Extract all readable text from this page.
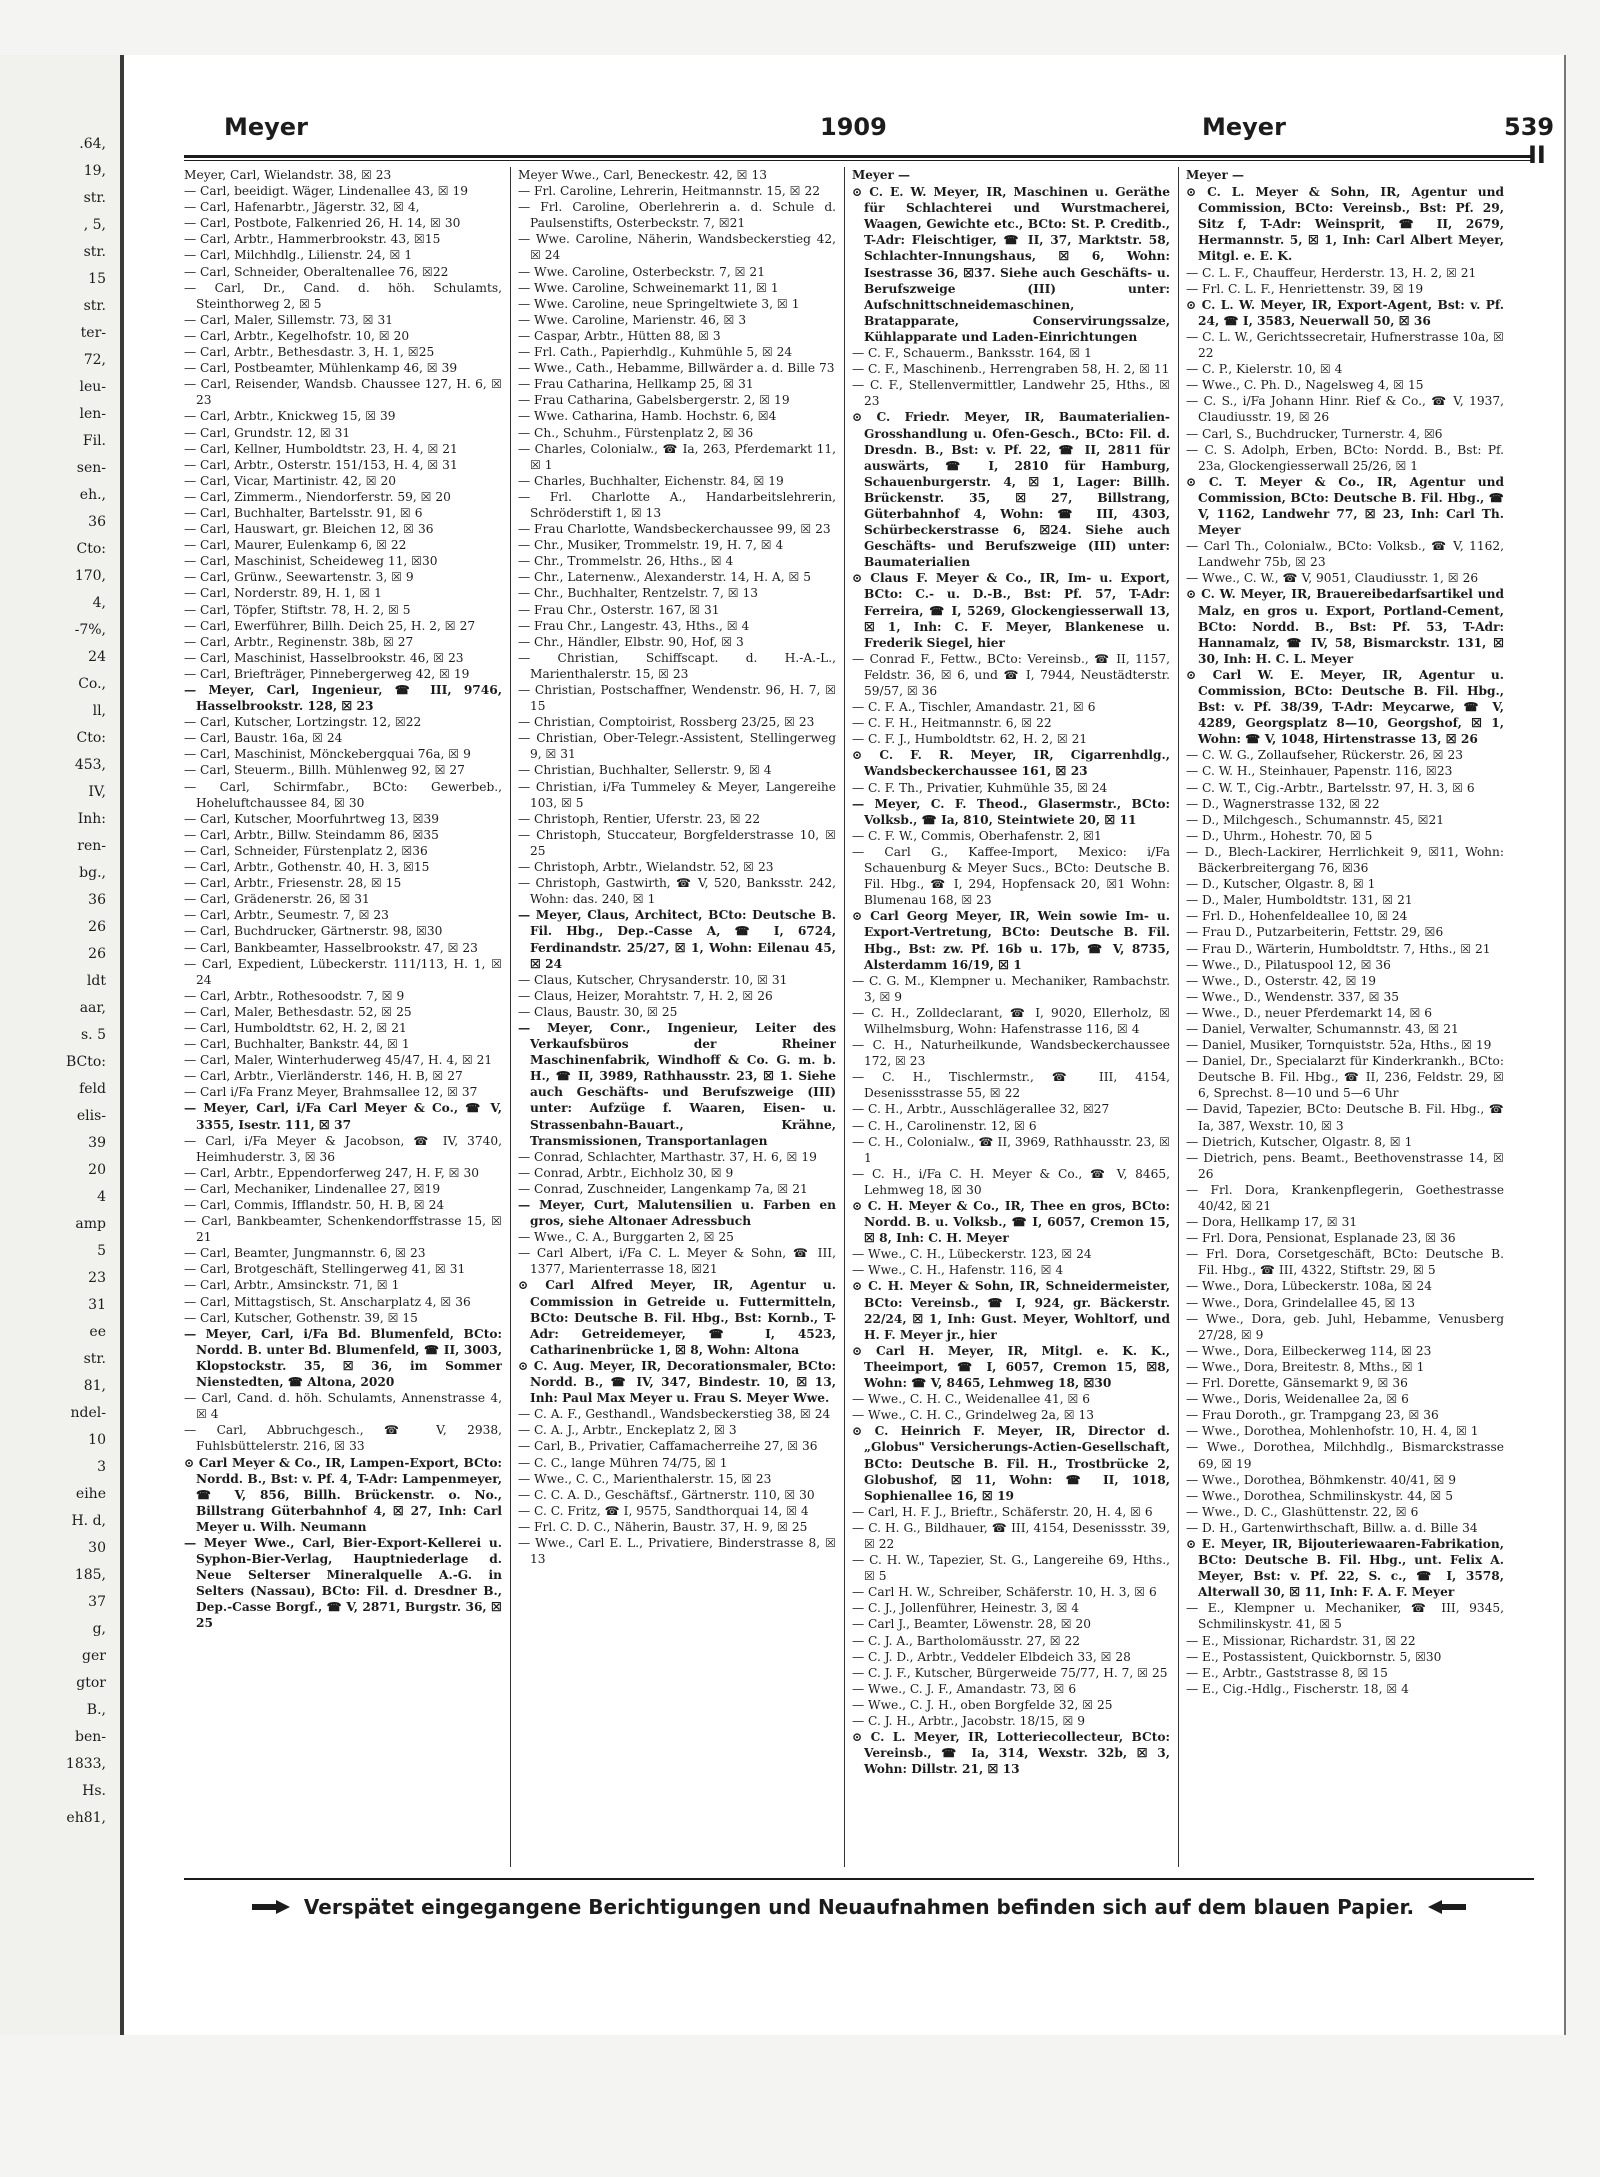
.64,
19,
str.
, 5,
str.
15
str.
ter-
72,
leu-
len-
Fil.
sen-
eh.,
36
Cto:
170,
4,
-7%,
24
Co.,
ll,
Cto:
453,
IV,
Inh:
ren-
bg.,
36
26
26
ldt
aar,
s. 5
BCto:
feld
elis-
39
20
4
amp
5
23
31
ee
str.
81,
ndel-
10
3
eihe
H. d,
30
185,
37
g,
ger
gtor
B.,
ben-
1833,
Hs.
eh81,
Meyer	1909	Meyer	539—II

Meyer, Carl, Wielandstr. 38, ☒ 23

— Carl, beeidigt. Wäger, Lindenallee 43, ☒ 19

— Carl, Hafenarbtr., Jägerstr. 32, ☒ 4,

— Carl, Postbote, Falkenried 26, H. 14, ☒ 30

— Carl, Arbtr., Hammerbrookstr. 43, ☒15

— Carl, Milchhdlg., Lilienstr. 24, ☒ 1

— Carl, Schneider, Oberaltenallee 76, ☒22

— Carl, Dr., Cand. d. höh. Schulamts, Steinthorweg 2, ☒ 5

— Carl, Maler, Sillemstr. 73, ☒ 31

— Carl, Arbtr., Kegelhofstr. 10, ☒ 20

— Carl, Arbtr., Bethesdastr. 3, H. 1, ☒25

— Carl, Postbeamter, Mühlenkamp 46, ☒ 39

— Carl, Reisender, Wandsb. Chaussee 127, H. 6, ☒ 23

— Carl, Arbtr., Knickweg 15, ☒ 39

— Carl, Grundstr. 12, ☒ 31

— Carl, Kellner, Humboldtstr. 23, H. 4, ☒ 21

— Carl, Arbtr., Osterstr. 151/153, H. 4, ☒ 31

— Carl, Vicar, Martinistr. 42, ☒ 20

— Carl, Zimmerm., Niendorferstr. 59, ☒ 20

— Carl, Buchhalter, Bartelsstr. 91, ☒ 6

— Carl, Hauswart, gr. Bleichen 12, ☒ 36

— Carl, Maurer, Eulenkamp 6, ☒ 22

— Carl, Maschinist, Scheideweg 11, ☒30

— Carl, Grünw., Seewartenstr. 3, ☒ 9

— Carl, Norderstr. 89, H. 1, ☒ 1

— Carl, Töpfer, Stiftstr. 78, H. 2, ☒ 5

— Carl, Ewerführer, Billh. Deich 25, H. 2, ☒ 27

— Carl, Arbtr., Reginenstr. 38b, ☒ 27

— Carl, Maschinist, Hasselbrookstr. 46, ☒ 23

— Carl, Briefträger, Pinnebergerweg 42, ☒ 19

— Meyer, Carl, Ingenieur, ☎ III, 9746, Hasselbrookstr. 128, ☒ 23

— Carl, Kutscher, Lortzingstr. 12, ☒22

— Carl, Baustr. 16a, ☒ 24

— Carl, Maschinist, Mönckebergquai 76a, ☒ 9

— Carl, Steuerm., Billh. Mühlenweg 92, ☒ 27

— Carl, Schirmfabr., BCto: Gewerbeb., Hoheluftchaussee 84, ☒ 30

— Carl, Kutscher, Moorfuhrtweg 13, ☒39

— Carl, Arbtr., Billw. Steindamm 86, ☒35

— Carl, Schneider, Fürstenplatz 2, ☒36

— Carl, Arbtr., Gothenstr. 40, H. 3, ☒15

— Carl, Arbtr., Friesenstr. 28, ☒ 15

— Carl, Grädenerstr. 26, ☒ 31

— Carl, Arbtr., Seumestr. 7, ☒ 23

— Carl, Buchdrucker, Gärtnerstr. 98, ☒30

— Carl, Bankbeamter, Hasselbrookstr. 47, ☒ 23

— Carl, Expedient, Lübeckerstr. 111/113, H. 1, ☒ 24

— Carl, Arbtr., Rothesoodstr. 7, ☒ 9

— Carl, Maler, Bethesdastr. 52, ☒ 25

— Carl, Humboldtstr. 62, H. 2, ☒ 21

— Carl, Buchhalter, Bankstr. 44, ☒ 1

— Carl, Maler, Winterhuderweg 45/47, H. 4, ☒ 21

— Carl, Arbtr., Vierländerstr. 146, H. B, ☒ 27

— Carl i/Fa Franz Meyer, Brahmsallee 12, ☒ 37

— Meyer, Carl, i/Fa Carl Meyer & Co., ☎ V, 3355, Isestr. 111, ☒ 37

— Carl, i/Fa Meyer & Jacobson, ☎ IV, 3740, Heimhuderstr. 3, ☒ 36

— Carl, Arbtr., Eppendorferweg 247, H. F, ☒ 30

— Carl, Mechaniker, Lindenallee 27, ☒19

— Carl, Commis, Ifflandstr. 50, H. B, ☒ 24

— Carl, Bankbeamter, Schenkendorffstrasse 15, ☒ 21

— Carl, Beamter, Jungmannstr. 6, ☒ 23

— Carl, Brotgeschäft, Stellingerweg 41, ☒ 31

— Carl, Arbtr., Amsinckstr. 71, ☒ 1

— Carl, Mittagstisch, St. Anscharplatz 4, ☒ 36

— Carl, Kutscher, Gothenstr. 39, ☒ 15

— Meyer, Carl, i/Fa Bd. Blumenfeld, BCto: Nordd. B. unter Bd. Blumenfeld, ☎ II, 3003, Klopstockstr. 35, ☒ 36, im Sommer Nienstedten, ☎ Altona, 2020

— Carl, Cand. d. höh. Schulamts, Annenstrasse 4, ☒ 4

— Carl, Abbruchgesch., ☎ V, 2938, Fuhlsbüttelerstr. 216, ☒ 33

⊙ Carl Meyer & Co., IR, Lampen-Export, BCto: Nordd. B., Bst: v. Pf. 4, T-Adr: Lampenmeyer, ☎ V, 856, Billh. Brückenstr. o. No., Billstrang Güterbahnhof 4, ☒ 27, Inh: Carl Meyer u. Wilh. Neumann

— Meyer Wwe., Carl, Bier-Export-Kellerei u. Syphon-Bier-Verlag, Hauptniederlage d. Neue Selterser Mineralquelle A.-G. in Selters (Nassau), BCto: Fil. d. Dresdner B., Dep.-Casse Borgf., ☎ V, 2871, Burgstr. 36, ☒ 25

Meyer Wwe., Carl, Beneckestr. 42, ☒ 13

— Frl. Caroline, Lehrerin, Heitmannstr. 15, ☒ 22

— Frl. Caroline, Oberlehrerin a. d. Schule d. Paulsenstifts, Osterbeckstr. 7, ☒21

— Wwe. Caroline, Näherin, Wandsbeckerstieg 42, ☒ 24

— Wwe. Caroline, Osterbeckstr. 7, ☒ 21

— Wwe. Caroline, Schweinemarkt 11, ☒ 1

— Wwe. Caroline, neue Springeltwiete 3, ☒ 1

— Wwe. Caroline, Marienstr. 46, ☒ 3

— Caspar, Arbtr., Hütten 88, ☒ 3

— Frl. Cath., Papierhdlg., Kuhmühle 5, ☒ 24

— Wwe., Cath., Hebamme, Billwärder a. d. Bille 73

— Frau Catharina, Hellkamp 25, ☒ 31

— Frau Catharina, Gabelsbergerstr. 2, ☒ 19

— Wwe. Catharina, Hamb. Hochstr. 6, ☒4

— Ch., Schuhm., Fürstenplatz 2, ☒ 36

— Charles, Colonialw., ☎ Ia, 263, Pferdemarkt 11, ☒ 1

— Charles, Buchhalter, Eichenstr. 84, ☒ 19

— Frl. Charlotte A., Handarbeitslehrerin, Schröderstift 1, ☒ 13

— Frau Charlotte, Wandsbeckerchaussee 99, ☒ 23

— Chr., Musiker, Trommelstr. 19, H. 7, ☒ 4

— Chr., Trommelstr. 26, Hths., ☒ 4

— Chr., Laternenw., Alexanderstr. 14, H. A, ☒ 5

— Chr., Buchhalter, Rentzelstr. 7, ☒ 13

— Frau Chr., Osterstr. 167, ☒ 31

— Frau Chr., Langestr. 43, Hths., ☒ 4

— Chr., Händler, Elbstr. 90, Hof, ☒ 3

— Christian, Schiffscapt. d. H.-A.-L., Marienthalerstr. 15, ☒ 23

— Christian, Postschaffner, Wendenstr. 96, H. 7, ☒ 15

— Christian, Comptoirist, Rossberg 23/25, ☒ 23

— Christian, Ober-Telegr.-Assistent, Stellingerweg 9, ☒ 31

— Christian, Buchhalter, Sellerstr. 9, ☒ 4

— Christian, i/Fa Tummeley & Meyer, Langereihe 103, ☒ 5

— Christoph, Rentier, Uferstr. 23, ☒ 22

— Christoph, Stuccateur, Borgfelderstrasse 10, ☒ 25

— Christoph, Arbtr., Wielandstr. 52, ☒ 23

— Christoph, Gastwirth, ☎ V, 520, Banksstr. 242, Wohn: das. 240, ☒ 1

— Meyer, Claus, Architect, BCto: Deutsche B. Fil. Hbg., Dep.-Casse A, ☎ I, 6724, Ferdinandstr. 25/27, ☒ 1, Wohn: Eilenau 45, ☒ 24

— Claus, Kutscher, Chrysanderstr. 10, ☒ 31

— Claus, Heizer, Morahtstr. 7, H. 2, ☒ 26

— Claus, Baustr. 30, ☒ 25

— Meyer, Conr., Ingenieur, Leiter des Verkaufsbüros der Rheiner Maschinenfabrik, Windhoff & Co. G. m. b. H., ☎ II, 3989, Rathhausstr. 23, ☒ 1. Siehe auch Geschäfts- und Berufszweige (III) unter: Aufzüge f. Waaren, Eisen- u. Strassenbahn-Bauart., Krähne, Transmissionen, Transportanlagen

— Conrad, Schlachter, Marthastr. 37, H. 6, ☒ 19

— Conrad, Arbtr., Eichholz 30, ☒ 9

— Conrad, Zuschneider, Langenkamp 7a, ☒ 21

— Meyer, Curt, Malutensilien u. Farben en gros, siehe Altonaer Adressbuch

— Wwe., C. A., Burggarten 2, ☒ 25

— Carl Albert, i/Fa C. L. Meyer & Sohn, ☎ III, 1377, Marienterrasse 18, ☒21

⊙ Carl Alfred Meyer, IR, Agentur u. Commission in Getreide u. Futtermitteln, BCto: Deutsche B. Fil. Hbg., Bst: Kornb., T-Adr: Getreidemeyer, ☎ I, 4523, Catharinenbrücke 1, ☒ 8, Wohn: Altona

⊙ C. Aug. Meyer, IR, Decorationsmaler, BCto: Nordd. B., ☎ IV, 347, Bindestr. 10, ☒ 13, Inh: Paul Max Meyer u. Frau S. Meyer Wwe.

— C. A. F., Gesthandl., Wandsbeckerstieg 38, ☒ 24

— C. A. J., Arbtr., Enckeplatz 2, ☒ 3

— Carl, B., Privatier, Caffamacherreihe 27, ☒ 36

— C. C., lange Mühren 74/75, ☒ 1

— Wwe., C. C., Marienthalerstr. 15, ☒ 23

— C. C. A. D., Geschäftsf., Gärtnerstr. 110, ☒ 30

— C. C. Fritz, ☎ I, 9575, Sandthorquai 14, ☒ 4

— Frl. C. D. C., Näherin, Baustr. 37, H. 9, ☒ 25

— Wwe., Carl E. L., Privatiere, Binderstrasse 8, ☒ 13

Meyer —

⊙ C. E. W. Meyer, IR, Maschinen u. Geräthe für Schlachterei und Wurstmacherei, Waagen, Gewichte etc., BCto: St. P. Creditb., T-Adr: Fleischtiger, ☎ II, 37, Marktstr. 58, Schlachter-Innungshaus, ☒ 6, Wohn: Isestrasse 36, ☒37. Siehe auch Geschäfts- u. Berufszweige (III) unter: Aufschnittschneidemaschinen, Bratapparate, Conservirungssalze, Kühlapparate und Laden-Einrichtungen

— C. F., Schauerm., Banksstr. 164, ☒ 1

— C. F., Maschinenb., Herrengraben 58, H. 2, ☒ 11

— C. F., Stellenvermittler, Landwehr 25, Hths., ☒ 23

⊙ C. Friedr. Meyer, IR, Baumaterialien-Grosshandlung u. Ofen-Gesch., BCto: Fil. d. Dresdn. B., Bst: v. Pf. 22, ☎ II, 2811 für auswärts, ☎ I, 2810 für Hamburg, Schauenburgerstr. 4, ☒ 1, Lager: Billh. Brückenstr. 35, ☒ 27, Billstrang, Güterbahnhof 4, Wohn: ☎ III, 4303, Schürbeckerstrasse 6, ☒24. Siehe auch Geschäfts- und Berufszweige (III) unter: Baumaterialien

⊙ Claus F. Meyer & Co., IR, Im- u. Export, BCto: C.- u. D.-B., Bst: Pf. 57, T-Adr: Ferreira, ☎ I, 5269, Glockengiesserwall 13, ☒ 1, Inh: C. F. Meyer, Blankenese u. Frederik Siegel, hier

— Conrad F., Fettw., BCto: Vereinsb., ☎ II, 1157, Feldstr. 36, ☒ 6, und ☎ I, 7944, Neustädterstr. 59/57, ☒ 36

— C. F. A., Tischler, Amandastr. 21, ☒ 6

— C. F. H., Heitmannstr. 6, ☒ 22

— C. F. J., Humboldtstr. 62, H. 2, ☒ 21

⊙ C. F. R. Meyer, IR, Cigarrenhdlg., Wandsbeckerchaussee 161, ☒ 23

— C. F. Th., Privatier, Kuhmühle 35, ☒ 24

— Meyer, C. F. Theod., Glasermstr., BCto: Volksb., ☎ Ia, 810, Steintwiete 20, ☒ 11

— C. F. W., Commis, Oberhafenstr. 2, ☒1

— Carl G., Kaffee-Import, Mexico: i/Fa Schauenburg & Meyer Sucs., BCto: Deutsche B. Fil. Hbg., ☎ I, 294, Hopfensack 20, ☒1 Wohn: Blumenau 168, ☒ 23

⊙ Carl Georg Meyer, IR, Wein sowie Im- u. Export-Vertretung, BCto: Deutsche B. Fil. Hbg., Bst: zw. Pf. 16b u. 17b, ☎ V, 8735, Alsterdamm 16/19, ☒ 1

— C. G. M., Klempner u. Mechaniker, Rambachstr. 3, ☒ 9

— C. H., Zolldeclarant, ☎ I, 9020, Ellerholz, ☒ Wilhelmsburg, Wohn: Hafenstrasse 116, ☒ 4

— C. H., Naturheilkunde, Wandsbeckerchaussee 172, ☒ 23

— C. H., Tischlermstr., ☎ III, 4154, Desenissstrasse 55, ☒ 22

— C. H., Arbtr., Ausschlägerallee 32, ☒27

— C. H., Carolinenstr. 12, ☒ 6

— C. H., Colonialw., ☎ II, 3969, Rathhausstr. 23, ☒ 1

— C. H., i/Fa C. H. Meyer & Co., ☎ V, 8465, Lehmweg 18, ☒ 30

⊙ C. H. Meyer & Co., IR, Thee en gros, BCto: Nordd. B. u. Volksb., ☎ I, 6057, Cremon 15, ☒ 8, Inh: C. H. Meyer

— Wwe., C. H., Lübeckerstr. 123, ☒ 24

— Wwe., C. H., Hafenstr. 116, ☒ 4

⊙ C. H. Meyer & Sohn, IR, Schneidermeister, BCto: Vereinsb., ☎ I, 924, gr. Bäckerstr. 22/24, ☒ 1, Inh: Gust. Meyer, Wohltorf, und H. F. Meyer jr., hier

⊙ Carl H. Meyer, IR, Mitgl. e. K. K., Theeimport, ☎ I, 6057, Cremon 15, ☒8, Wohn: ☎ V, 8465, Lehmweg 18, ☒30

— Wwe., C. H. C., Weidenallee 41, ☒ 6

— Wwe., C. H. C., Grindelweg 2a, ☒ 13

⊙ C. Heinrich F. Meyer, IR, Director d. „Globus" Versicherungs-Actien-Gesellschaft, BCto: Deutsche B. Fil. H., Trostbrücke 2, Globushof, ☒ 11, Wohn: ☎ II, 1018, Sophienallee 16, ☒ 19

— Carl, H. F. J., Brieftr., Schäferstr. 20, H. 4, ☒ 6

— C. H. G., Bildhauer, ☎ III, 4154, Desenissstr. 39, ☒ 22

— C. H. W., Tapezier, St. G., Langereihe 69, Hths., ☒ 5

— Carl H. W., Schreiber, Schäferstr. 10, H. 3, ☒ 6

— C. J., Jollenführer, Heinestr. 3, ☒ 4

— Carl J., Beamter, Löwenstr. 28, ☒ 20

— C. J. A., Bartholomäusstr. 27, ☒ 22

— C. J. D., Arbtr., Veddeler Elbdeich 33, ☒ 28

— C. J. F., Kutscher, Bürgerweide 75/77, H. 7, ☒ 25

— Wwe., C. J. F., Amandastr. 73, ☒ 6

— Wwe., C. J. H., oben Borgfelde 32, ☒ 25

— C. J. H., Arbtr., Jacobstr. 18/15, ☒ 9

⊙ C. L. Meyer, IR, Lotteriecollecteur, BCto: Vereinsb., ☎ Ia, 314, Wexstr. 32b, ☒ 3, Wohn: Dillstr. 21, ☒ 13

Meyer —

⊙ C. L. Meyer & Sohn, IR, Agentur und Commission, BCto: Vereinsb., Bst: Pf. 29, Sitz f, T-Adr: Weinsprit, ☎ II, 2679, Hermannstr. 5, ☒ 1, Inh: Carl Albert Meyer, Mitgl. e. E. K.

— C. L. F., Chauffeur, Herderstr. 13, H. 2, ☒ 21

— Frl. C. L. F., Henriettenstr. 39, ☒ 19

⊙ C. L. W. Meyer, IR, Export-Agent, Bst: v. Pf. 24, ☎ I, 3583, Neuerwall 50, ☒ 36

— C. L. W., Gerichtssecretair, Hufnerstrasse 10a, ☒ 22

— C. P., Kielerstr. 10, ☒ 4

— Wwe., C. Ph. D., Nagelsweg 4, ☒ 15

— C. S., i/Fa Johann Hinr. Rief & Co., ☎ V, 1937, Claudiusstr. 19, ☒ 26

— Carl, S., Buchdrucker, Turnerstr. 4, ☒6

— C. S. Adolph, Erben, BCto: Nordd. B., Bst: Pf. 23a, Glockengiesserwall 25/26, ☒ 1

⊙ C. T. Meyer & Co., IR, Agentur und Commission, BCto: Deutsche B. Fil. Hbg., ☎ V, 1162, Landwehr 77, ☒ 23, Inh: Carl Th. Meyer

— Carl Th., Colonialw., BCto: Volksb., ☎ V, 1162, Landwehr 75b, ☒ 23

— Wwe., C. W., ☎ V, 9051, Claudiusstr. 1, ☒ 26

⊙ C. W. Meyer, IR, Brauereibedarfsartikel und Malz, en gros u. Export, Portland-Cement, BCto: Nordd. B., Bst: Pf. 53, T-Adr: Hannamalz, ☎ IV, 58, Bismarckstr. 131, ☒ 30, Inh: H. C. L. Meyer

⊙ Carl W. E. Meyer, IR, Agentur u. Commission, BCto: Deutsche B. Fil. Hbg., Bst: v. Pf. 38/39, T-Adr: Meycarwe, ☎ V, 4289, Georgsplatz 8—10, Georgshof, ☒ 1, Wohn: ☎ V, 1048, Hirtenstrasse 13, ☒ 26

— C. W. G., Zollaufseher, Rückerstr. 26, ☒ 23

— C. W. H., Steinhauer, Papenstr. 116, ☒23

— C. W. T., Cig.-Arbtr., Bartelsstr. 97, H. 3, ☒ 6

— D., Wagnerstrasse 132, ☒ 22

— D., Milchgesch., Schumannstr. 45, ☒21

— D., Uhrm., Hohestr. 70, ☒ 5

— D., Blech-Lackirer, Herrlichkeit 9, ☒11, Wohn: Bäckerbreitergang 76, ☒36

— D., Kutscher, Olgastr. 8, ☒ 1

— D., Maler, Humboldtstr. 131, ☒ 21

— Frl. D., Hohenfeldeallee 10, ☒ 24

— Frau D., Putzarbeiterin, Fettstr. 29, ☒6

— Frau D., Wärterin, Humboldtstr. 7, Hths., ☒ 21

— Wwe., D., Pilatuspool 12, ☒ 36

— Wwe., D., Osterstr. 42, ☒ 19

— Wwe., D., Wendenstr. 337, ☒ 35

— Wwe., D., neuer Pferdemarkt 14, ☒ 6

— Daniel, Verwalter, Schumannstr. 43, ☒ 21

— Daniel, Musiker, Tornquiststr. 52a, Hths., ☒ 19

— Daniel, Dr., Specialarzt für Kinderkrankh., BCto: Deutsche B. Fil. Hbg., ☎ II, 236, Feldstr. 29, ☒ 6, Sprechst. 8—10 und 5—6 Uhr

— David, Tapezier, BCto: Deutsche B. Fil. Hbg., ☎ Ia, 387, Wexstr. 10, ☒ 3

— Dietrich, Kutscher, Olgastr. 8, ☒ 1

— Dietrich, pens. Beamt., Beethovenstrasse 14, ☒ 26

— Frl. Dora, Krankenpflegerin, Goethestrasse 40/42, ☒ 21

— Dora, Hellkamp 17, ☒ 31

— Frl. Dora, Pensionat, Esplanade 23, ☒ 36

— Frl. Dora, Corsetgeschäft, BCto: Deutsche B. Fil. Hbg., ☎ III, 4322, Stiftstr. 29, ☒ 5

— Wwe., Dora, Lübeckerstr. 108a, ☒ 24

— Wwe., Dora, Grindelallee 45, ☒ 13

— Wwe., Dora, geb. Juhl, Hebamme, Venusberg 27/28, ☒ 9

— Wwe., Dora, Eilbeckerweg 114, ☒ 23

— Wwe., Dora, Breitestr. 8, Mths., ☒ 1

— Frl. Dorette, Gänsemarkt 9, ☒ 36

— Wwe., Doris, Weidenallee 2a, ☒ 6

— Frau Doroth., gr. Trampgang 23, ☒ 36

— Wwe., Dorothea, Mohlenhofstr. 10, H. 4, ☒ 1

— Wwe., Dorothea, Milchhdlg., Bismarckstrasse 69, ☒ 19

— Wwe., Dorothea, Böhmkenstr. 40/41, ☒ 9

— Wwe., Dorothea, Schmilinskystr. 44, ☒ 5

— Wwe., D. C., Glashüttenstr. 22, ☒ 6

— D. H., Gartenwirthschaft, Billw. a. d. Bille 34

⊙ E. Meyer, IR, Bijouteriewaaren-Fabrikation, BCto: Deutsche B. Fil. Hbg., unt. Felix A. Meyer, Bst: v. Pf. 22, S. c., ☎ I, 3578, Alterwall 30, ☒ 11, Inh: F. A. F. Meyer

— E., Klempner u. Mechaniker, ☎ III, 9345, Schmilinskystr. 41, ☒ 5

— E., Missionar, Richardstr. 31, ☒ 22

— E., Postassistent, Quickbornstr. 5, ☒30

— E., Arbtr., Gaststrasse 8, ☒ 15

— E., Cig.-Hdlg., Fischerstr. 18, ☒ 4

Verspätet eingegangene Berichtigungen und Neuaufnahmen befinden sich auf dem blauen Papier.
